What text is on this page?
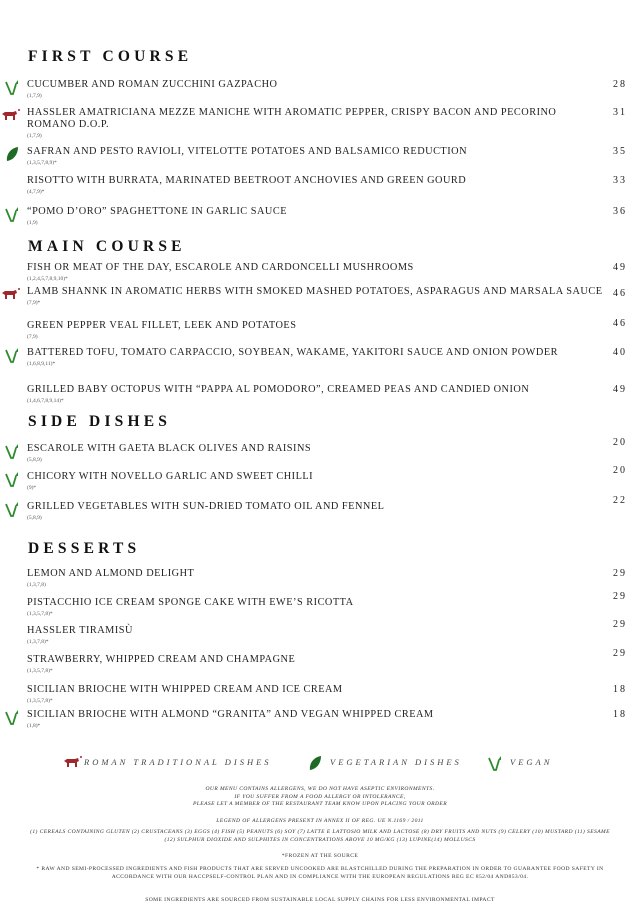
ROMAN TRADITIONAL DISHES	VEGETARIAN DISHES	VEGAN
OUR MENU CONTAINS ALLERGENS, WE DO NOT HAVE ASEPTIC ENVIRONMENTS.
IF YOU SUFFER FROM A FOOD ALLERGY OR INTOLERANCE,
PLEASE LET A MEMBER OF THE RESTAURANT TEAM KNOW UPON PLACING YOUR ORDER
LEGEND OF ALLERGENS PRESENT IN ANNEX II OF REG. UE N.1169 / 2011
(1) CEREALS CONTAINING GLUTEN (2) CRUSTACEANS (3) EGGS (4) FISH (5) PEANUTS (6) SOY (7) LATTE E LATTOSIO MILK AND LACTOSE (8) DRY FRUITS AND NUTS (9) CELERY (10) MUSTARD (11) SESAME (12) SULPHUR DIOXIDE AND SULPHITES IN CONCENTRATIONS ABOVE 10 MG/KG (13) LUPINE(14) MOLLUSCS
*FROZEN AT THE SOURCE
* RAW AND SEMI-PROCESSED INGREDIENTS AND FISH PRODUCTS THAT ARE SERVED UNCOOKED ARE BLASTCHILLED DURING THE PREPARATION IN ORDER TO GUARANTEE FOOD SAFETY IN ACCORDANCE WITH OUR HACCPSELF-CONTROL PLAN AND IN COMPLIANCE WITH THE EUROPEAN REGULATIONS REG EC 852/04 AND853/04.
SOME INGREDIENTS ARE SOURCED FROM SUSTAINABLE LOCAL SUPPLY CHAINS FOR LESS ENVIRONMENTAL IMPACT
FIRST COURSE
CUCUMBER AND ROMAN ZUCCHINI GAZPACHO
(1,7,9)
28
HASSLER AMATRICIANA MEZZE MANICHE WITH AROMATIC PEPPER, CRISPY BACON AND PECORINO ROMANO D.O.P.
(1,7,9)
31
SAFRAN AND PESTO RAVIOLI, VITELOTTE POTATOES AND BALSAMICO REDUCTION
(1,3,5,7,8,9)*
35
RISOTTO WITH BURRATA, MARINATED BEETROOT ANCHOVIES AND GREEN GOURD
(4,7,9)*
33
“POMO D’ORO” SPAGHETTONE IN GARLIC SAUCE
(1,9)
36
MAIN COURSE
FISH OR MEAT OF THE DAY, ESCAROLE AND CARDONCELLI MUSHROOMS
(1,2,4,5,7,8,9,10)*
49
LAMB SHANNK IN AROMATIC HERBS WITH SMOKED MASHED POTATOES, ASPARAGUS AND MARSALA SAUCE
(7,9)*
46
GREEN PEPPER VEAL FILLET, LEEK AND POTATOES
(7,9)
46
BATTERED TOFU, TOMATO CARPACCIO, SOYBEAN, WAKAME, YAKITORI SAUCE AND ONION POWDER
(1,6,8,9,11)*
40
GRILLED BABY OCTOPUS WITH “PAPPA AL POMODORO”, CREAMED PEAS AND CANDIED ONION
(1,4,6,7,8,9,14)*
49
SIDE DISHES
ESCAROLE WITH GAETA BLACK OLIVES AND RAISINS
(5,8,9)
20
CHICORY WITH NOVELLO GARLIC AND SWEET CHILLI
(9)*
20
GRILLED VEGETABLES WITH SUN-DRIED TOMATO OIL AND FENNEL
(5,8,9)
22
DESSERTS
LEMON AND ALMOND DELIGHT
(1,3,7,8)
29
PISTACCHIO ICE CREAM SPONGE CAKE WITH EWE’S RICOTTA
(1,3,5,7,8)*
29
HASSLER TIRAMISÙ
(1,3,7,8)*
29
STRAWBERRY, WHIPPED CREAM AND CHAMPAGNE
(1,3,5,7,8)*
29
SICILIAN BRIOCHE WITH WHIPPED CREAM AND ICE CREAM
(1,3,5,7,8)*
18
SICILIAN BRIOCHE WITH ALMOND “GRANITA” AND VEGAN WHIPPED CREAM
(1,8)*
18
